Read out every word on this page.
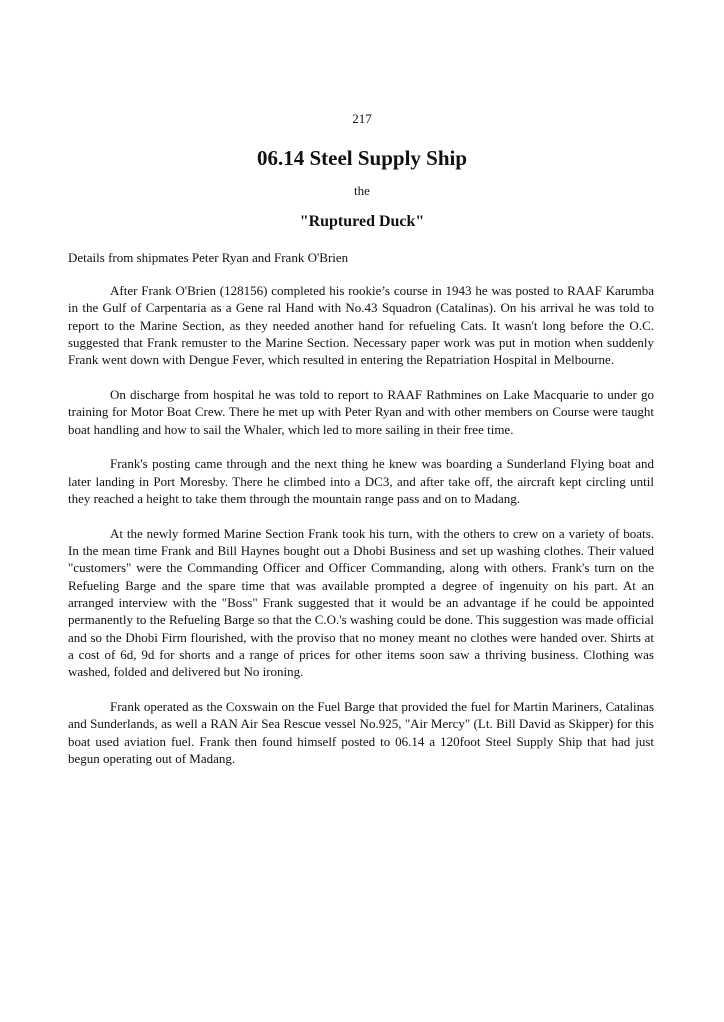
217
06.14 Steel Supply Ship
the
"Ruptured Duck"
Details from shipmates Peter Ryan and Frank O'Brien

After Frank O'Brien (128156) completed his rookie’s course in 1943 he was posted to RAAF Karumba in the Gulf of Carpentaria as a Gene ral Hand with No.43 Squadron (Catalinas). On his arrival he was told to report to the Marine Section, as they needed another hand for refueling Cats. It wasn't long before the O.C. suggested that Frank remuster to the Marine Section. Necessary paper work was put in motion when suddenly Frank went down with Dengue Fever, which resulted in entering the Repatriation Hospital in Melbourne.

On discharge from hospital he was told to report to RAAF Rathmines on Lake Macquarie to under go training for Motor Boat Crew. There he met up with Peter Ryan and with other members on Course were taught boat handling and how to sail the Whaler, which led to more sailing in their free time.

Frank's posting came through and the next thing he knew was boarding a Sunderland Flying boat and later landing in Port Moresby. There he climbed into a DC3, and after take off, the aircraft kept circling until they reached a height to take them through the mountain range pass and on to Madang.

At the newly formed Marine Section Frank took his turn, with the others to crew on a variety of boats. In the mean time Frank and Bill Haynes bought out a Dhobi Business and set up washing clothes. Their valued "customers" were the Commanding Officer and Officer Commanding, along with others. Frank's turn on the Refueling Barge and the spare time that was available prompted a degree of ingenuity on his part. At an arranged interview with the "Boss" Frank suggested that it would be an advantage if he could be appointed permanently to the Refueling Barge so that the C.O.'s washing could be done. This suggestion was made official and so the Dhobi Firm flourished, with the proviso that no money meant no clothes were handed over. Shirts at a cost of 6d, 9d for shorts and a range of prices for other items soon saw a thriving business. Clothing was washed, folded and delivered but No ironing.

Frank operated as the Coxswain on the Fuel Barge that provided the fuel for Martin Mariners, Catalinas and Sunderlands, as well a RAN Air Sea Rescue vessel No.925, "Air Mercy" (Lt. Bill David as Skipper) for this boat used aviation fuel. Frank then found himself posted to 06.14 a 120foot Steel Supply Ship that had just begun operating out of Madang.
